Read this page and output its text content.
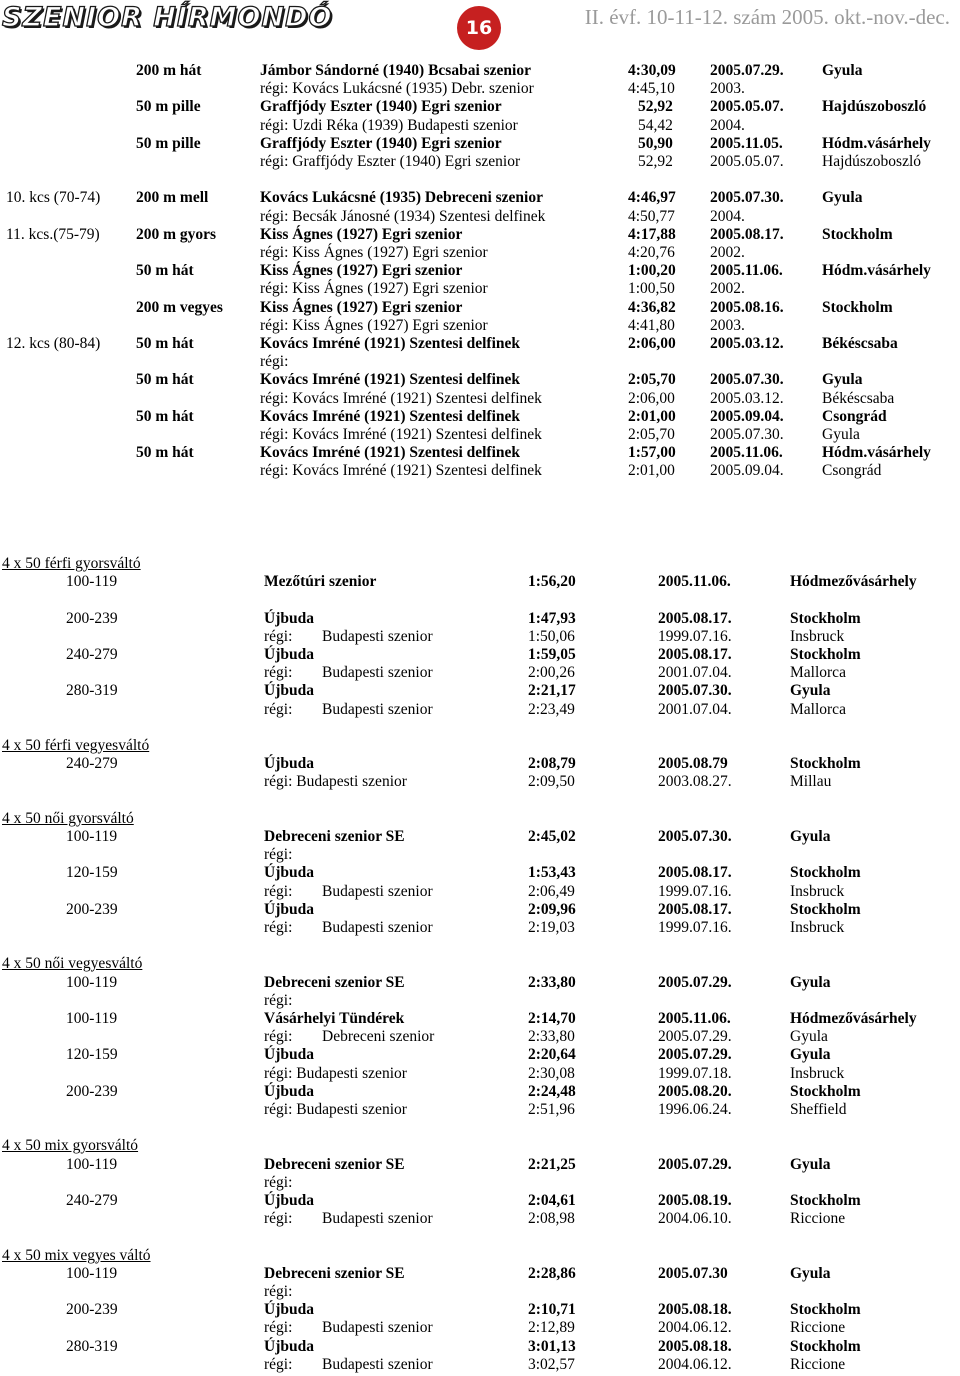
SZENIOR HÍRMONDÓ	16	II. évf. 10-11-12. szám 2005. okt.-nov.-dec.
200 m hát	Jámbor Sándorné (1940) Bcsabai szenior	4:30,09 2005.07.29. Gyula
régi: Kovács Lukácsné (1935) Debr. szenior	4:45,10 2003.
50 m pille	Graffjódy Eszter (1940) Egri szenior	52,92 2005.05.07. Hajdúszoboszló
régi: Uzdi Réka (1939) Budapesti szenior	54,42 2004.
50 m pille	Graffjódy Eszter (1940) Egri szenior	50,90 2005.11.05.	Hódm.vásárhely
régi: Graffjódy Eszter (1940) Egri szenior	52,92 2005.05.07. Hajdúszoboszló
10. kcs (70-74) 200 m mell	Kovács Lukácsné (1935) Debreceni szenior	4:46,97 2005.07.30. Gyula
régi: Becsák Jánosné (1934) Szentesi delfinek	4:50,77 2004.
11. kcs.(75-79) 200 m gyors	Kiss Ágnes (1927) Egri szenior	4:17,88 2005.08.17. Stockholm
régi: Kiss Ágnes (1927) Egri szenior	4:20,76 2002.
50 m hát	Kiss Ágnes (1927) Egri szenior	1:00,20 2005.11.06.	Hódm.vásárhely
régi: Kiss Ágnes (1927) Egri szenior	1:00,50 2002.
200 m vegyes Kiss Ágnes (1927) Egri szenior	4:36,82 2005.08.16. Stockholm
régi: Kiss Ágnes (1927) Egri szenior	4:41,80 2003.
12. kcs (80-84) 50 m hát	Kovács Imréné (1921) Szentesi delfinek	2:06,00 2005.03.12. Békéscsaba
régi:
50 m hát	Kovács Imréné (1921) Szentesi delfinek	2:05,70 2005.07.30. Gyula
régi: Kovács Imréné (1921) Szentesi delfinek	2:06,00 2005.03.12. Békéscsaba
50 m hát	Kovács Imréné (1921) Szentesi delfinek	2:01,00 2005.09.04. Csongrád
régi: Kovács Imréné (1921) Szentesi delfinek	2:05,70 2005.07.30. Gyula
50 m hát	Kovács Imréné (1921) Szentesi delfinek	1:57,00 2005.11.06.	Hódm.vásárhely
régi: Kovács Imréné (1921) Szentesi delfinek	2:01,00 2005.09.04. Csongrád
4 x 50 férfi gyorsváltó
100-119	Mezőtúri szenior	1:56,20	2005.11.06.	Hódmezővásárhely
200-239	Újbuda	1:47,93	2005.08.17.	Stockholm
régi: Budapesti szenior	1:50,06	1999.07.16.	Insbruck
240-279	Újbuda	1:59,05	2005.08.17.	Stockholm
régi: Budapesti szenior	2:00,26	2001.07.04.	Mallorca
280-319	Újbuda	2:21,17	2005.07.30.	Gyula
régi: Budapesti szenior	2:23,49	2001.07.04.	Mallorca
4 x 50 férfi vegyesváltó
240-279	Újbuda	2:08,79	2005.08.79	Stockholm
régi: Budapesti szenior	2:09,50	2003.08.27.	Millau
4 x 50 női gyorsváltó
100-119	Debreceni szenior SE	2:45,02	2005.07.30.	Gyula
régi:
120-159	Újbuda	1:53,43	2005.08.17.	Stockholm
régi: Budapesti szenior	2:06,49	1999.07.16.	Insbruck
200-239	Újbuda	2:09,96	2005.08.17.	Stockholm
régi: Budapesti szenior	2:19,03	1999.07.16.	Insbruck
4 x 50 női vegyesváltó
100-119	Debreceni szenior SE	2:33,80	2005.07.29.	Gyula
régi:
100-119	Vásárhelyi Tündérek	2:14,70	2005.11.06.	Hódmezővásárhely
régi: Debreceni szenior	2:33,80	2005.07.29.	Gyula
120-159	Újbuda	2:20,64	2005.07.29.	Gyula
régi: Budapesti szenior	2:30,08	1999.07.18.	Insbruck
200-239	Újbuda	2:24,48	2005.08.20.	Stockholm
régi: Budapesti szenior	2:51,96	1996.06.24.	Sheffield
4 x 50 mix gyorsváltó
100-119	Debreceni szenior SE	2:21,25	2005.07.29.	Gyula
régi:
240-279	Újbuda	2:04,61	2005.08.19.	Stockholm
régi: Budapesti szenior	2:08,98	2004.06.10.	Riccione
4 x 50 mix vegyes váltó
100-119	Debreceni szenior SE	2:28,86	2005.07.30	Gyula
régi:
200-239	Újbuda	2:10,71	2005.08.18.	Stockholm
régi: Budapesti szenior	2:12,89	2004.06.12.	Riccione
280-319	Újbuda	3:01,13	2005.08.18.	Stockholm
régi: Budapesti szenior	3:02,57	2004.06.12.	Riccione
